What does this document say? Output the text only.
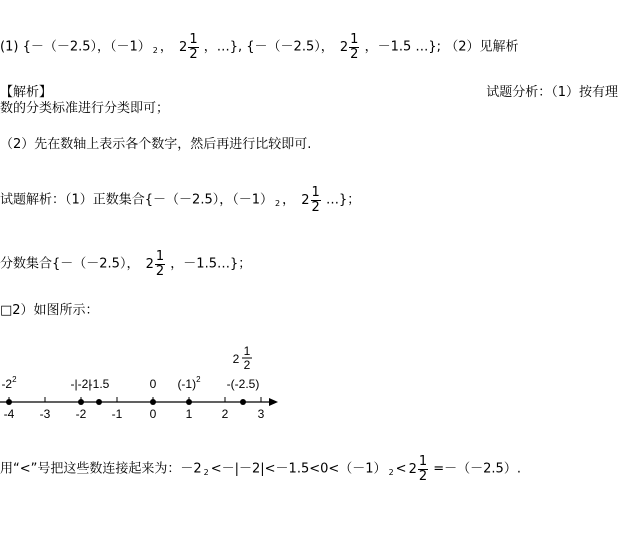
(1) {－（－2.5），（－1） $_2$ ， $2 \frac{1}{2}$ ，…}, {－（－2.5）， $2 \frac{1}{2}$ ，－1.5 …}; （2）见解析
【解析】	试题分析：（1）按有理
数的分类标准进行分类即可；
（2）先在数轴上表示各个数字，然后再进行比较即可.
试题解析：（1）正数集合{－（－2.5），（－1） $_2$ ， $2 \frac{1}{2}$ …}；
分数集合{－（－2.5）， $2 \frac{1}{2}$ ，－1.5…}；
□2）如图所示：
-4 -3 -2 -1 0 1 2 3
$-2^2$	-|-2|
-1.5	0 $(-1)^2$ -(-2.5)
2
1
2
用“<”号把这些数连接起来为：－2 $_2$ <－|－2|<－1.5<0<（－1） $_2 < 2 \frac{1}{2} =-(-2.5)$.
